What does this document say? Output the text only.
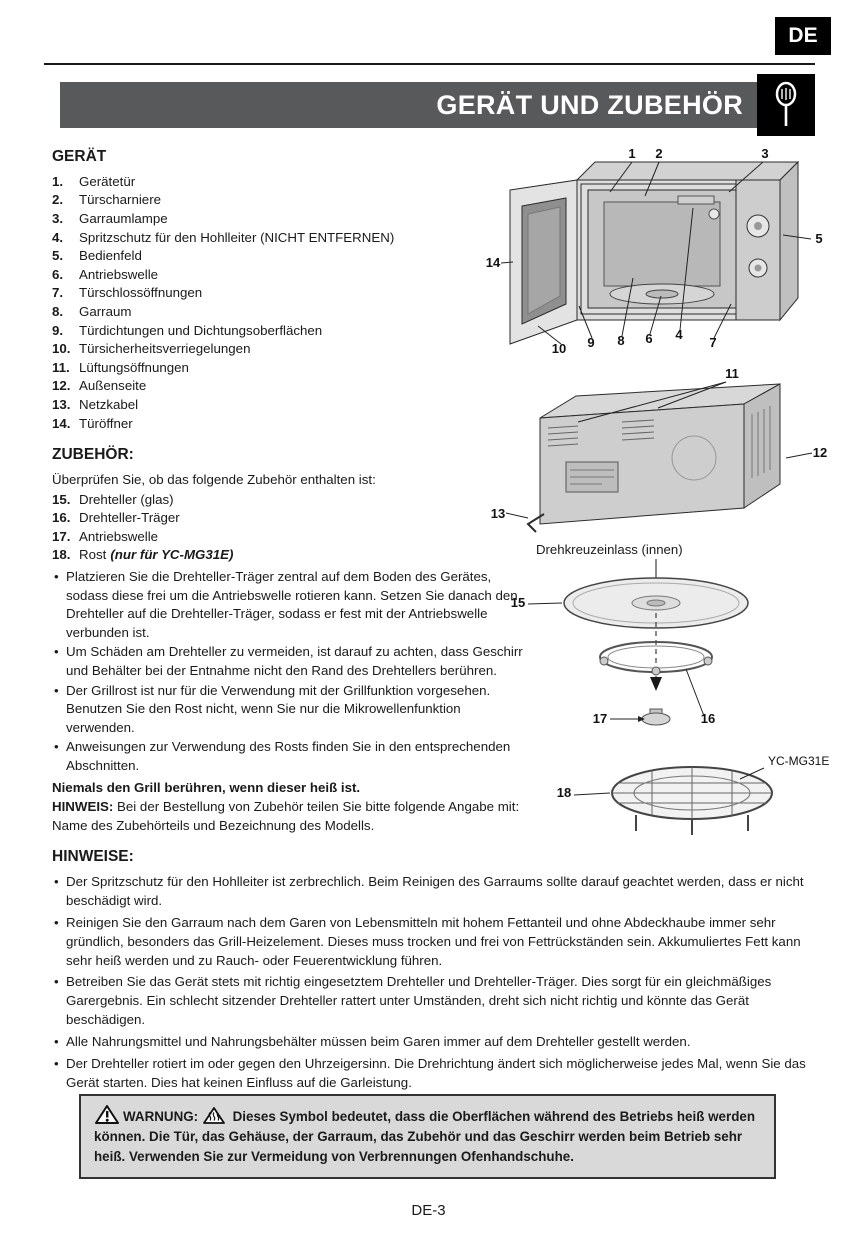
DE
GERÄT UND ZUBEHÖR
GERÄT
1.	Gerätetür
2.	Türscharniere
3.	Garraumlampe
4.	Spritzschutz für den Hohlleiter (NICHT ENTFERNEN)
5.	Bedienfeld
6.	Antriebswelle
7.	Türschlossöffnungen
8.	Garraum
9.	Türdichtungen und Dichtungsoberflächen
10. Türsicherheitsverriegelungen
11. Lüftungsöffnungen
12. Außenseite
13. Netzkabel
14. Türöffner
ZUBEHÖR:

Überprüfen Sie, ob das folgende Zubehör enthalten ist:

15. Drehteller (glas)
16. Drehteller-Träger
17. Antriebswelle
18. Rost (nur für YC-MG31E)
• Platzieren Sie die Drehteller-Träger zentral auf dem Boden des Gerätes, sodass diese frei um die Antriebswelle rotieren kann. Setzen Sie danach den Drehteller auf die Drehteller-Träger, sodass er fest mit der Antriebswelle verbunden ist.
• Um Schäden am Drehteller zu vermeiden, ist darauf zu achten, dass Geschirr und Behälter bei der Entnahme nicht den Rand des Drehtellers berühren.
• Der Grillrost ist nur für die Verwendung mit der Grillfunktion vorgesehen. Benutzen Sie den Rost nicht, wenn Sie nur die Mikrowellenfunktion verwenden.
• Anweisungen zur Verwendung des Rosts finden Sie in den entsprechenden Abschnitten.

Niemals den Grill berühren, wenn dieser heiß ist.

HINWEIS: Bei der Bestellung von Zubehör teilen Sie bitte folgende Angabe mit: Name des Zubehörteils und Bezeichnung des Modells.

1 2	3
5
14
10 9 8 6 4
7
11
12
13
Drehkreuzeinlass (innen)
15
17	16
18
YC-MG31E
HINWEISE:
• Der Spritzschutz für den Hohlleiter ist zerbrechlich. Beim Reinigen des Garraums sollte darauf geachtet werden, dass er nicht beschädigt wird.
• Reinigen Sie den Garraum nach dem Garen von Lebensmitteln mit hohem Fettanteil und ohne Abdeckhaube immer sehr gründlich, besonders das Grill-Heizelement. Dieses muss trocken und frei von Fettrückständen sein. Akkumuliertes Fett kann sehr heiß werden und zu Rauch- oder Feuerentwicklung führen.
• Betreiben Sie das Gerät stets mit richtig eingesetztem Drehteller und Drehteller-Träger. Dies sorgt für ein gleichmäßiges Garergebnis. Ein schlecht sitzender Drehteller rattert unter Umständen, dreht sich nicht richtig und könnte das Gerät beschädigen.
• Alle Nahrungsmittel und Nahrungsbehälter müssen beim Garen immer auf dem Drehteller gestellt werden.
• Der Drehteller rotiert im oder gegen den Uhrzeigersinn. Die Drehrichtung ändert sich möglicherweise jedes Mal, wenn Sie das Gerät starten. Dies hat keinen Einfluss auf die Garleistung.
WARNUNG:	Dieses Symbol bedeutet, dass die Oberflächen während des Betriebs heiß werden können. Die Tür, das Gehäuse, der Garraum, das Zubehör und das Geschirr werden beim Betrieb sehr heiß. Verwenden Sie zur Vermeidung von Verbrennungen Ofenhandschuhe.
DE-3
